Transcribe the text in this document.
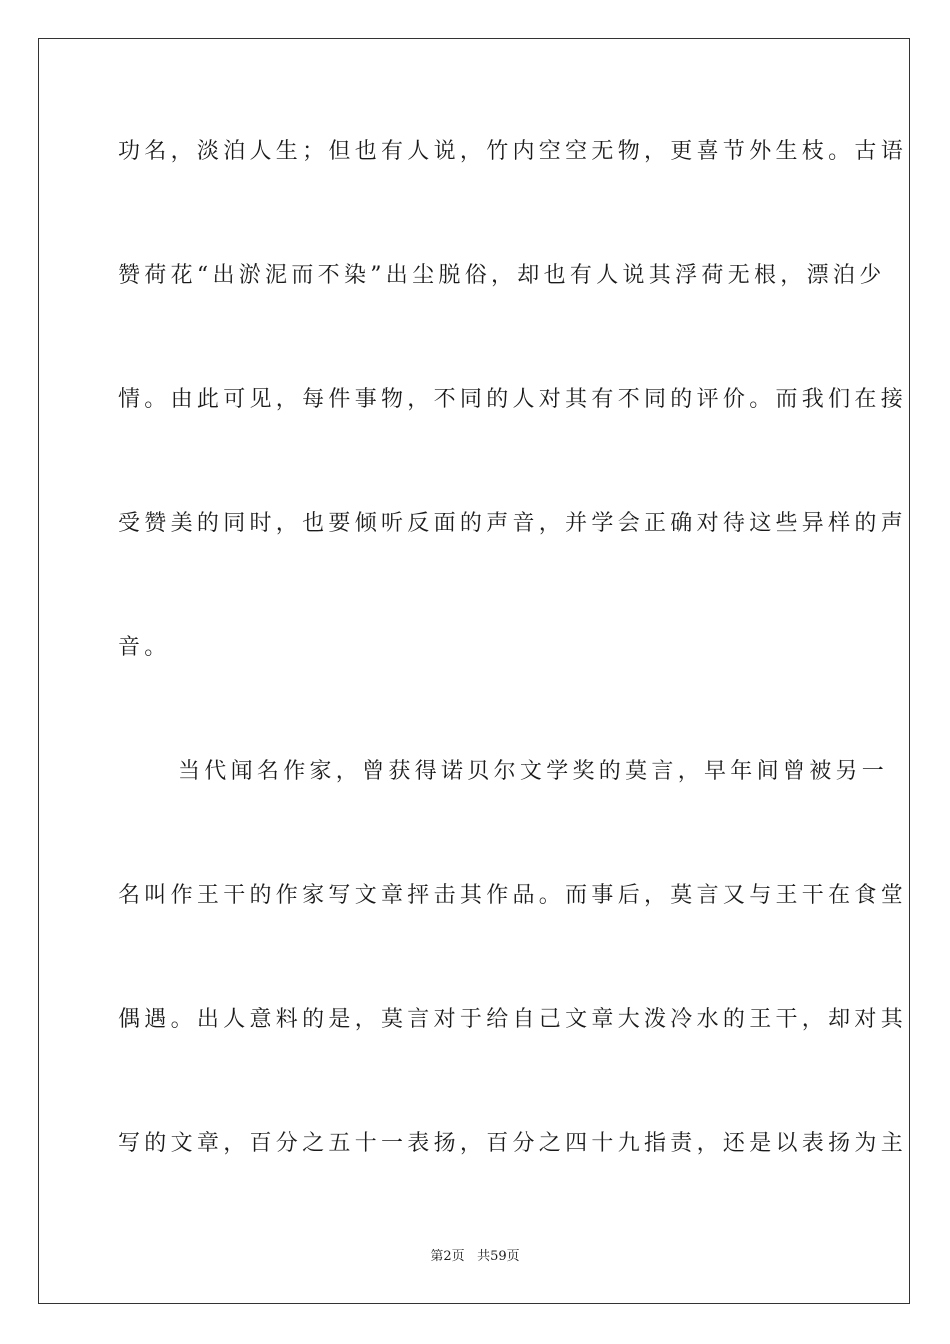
功名，淡泊人生；但也有人说，竹内空空无物，更喜节外生枝。古语
赞荷花“出淤泥而不染”出尘脱俗，却也有人说其浮荷无根，漂泊少
情。由此可见，每件事物，不同的人对其有不同的评价。而我们在接
受赞美的同时，也要倾听反面的声音，并学会正确对待这些异样的声
音。
当代闻名作家，曾获得诺贝尔文学奖的莫言，早年间曾被另一
名叫作王干的作家写文章抨击其作品。而事后，莫言又与王干在食堂
偶遇。出人意料的是，莫言对于给自己文章大泼冷水的王干，却对其
写的文章，百分之五十一表扬，百分之四十九指责，还是以表扬为主
第2页 共59页
